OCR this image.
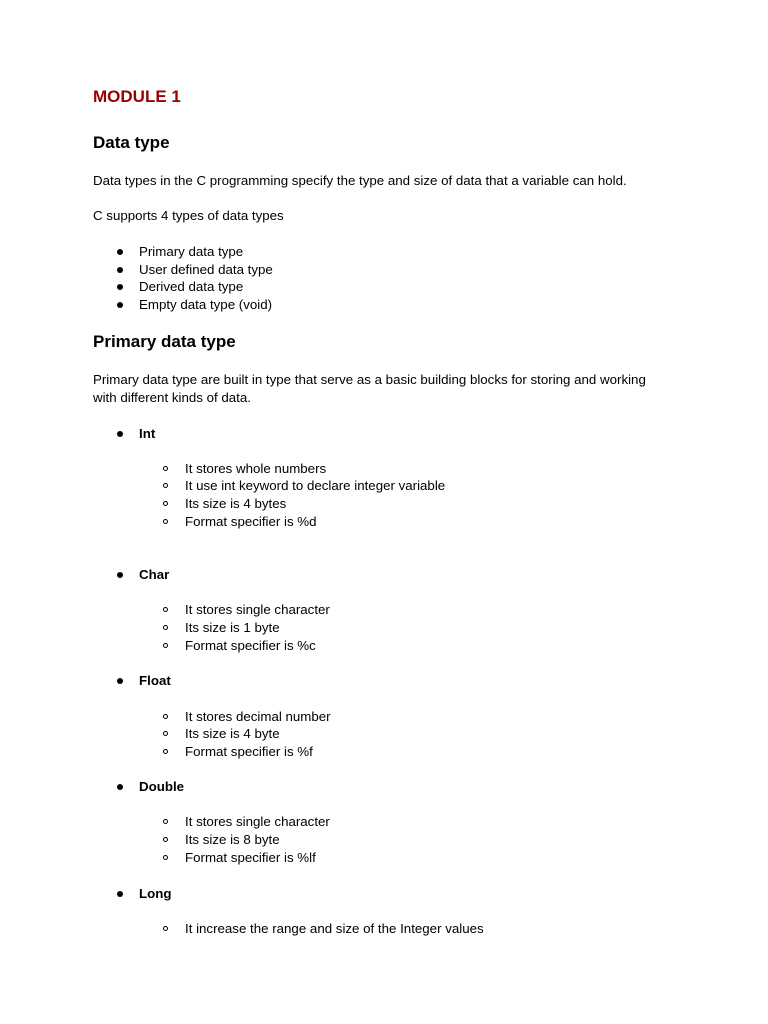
MODULE 1
Data type
Data types in the C programming specify the type and size of data that a variable can hold.
C supports 4 types of data types
Primary data type
User defined data type
Derived data type
Empty data type (void)
Primary data type
Primary data type are built in type that serve as a basic building blocks for storing and working with different kinds of data.
Int
It stores whole numbers
It use int keyword to declare integer variable
Its size is 4 bytes
Format specifier is %d
Char
It stores single character
Its size is 1 byte
Format specifier is %c
Float
It stores decimal number
Its size is 4 byte
Format specifier is %f
Double
It stores single character
Its size is 8 byte
Format specifier is %lf
Long
It increase the range and size of the Integer values
